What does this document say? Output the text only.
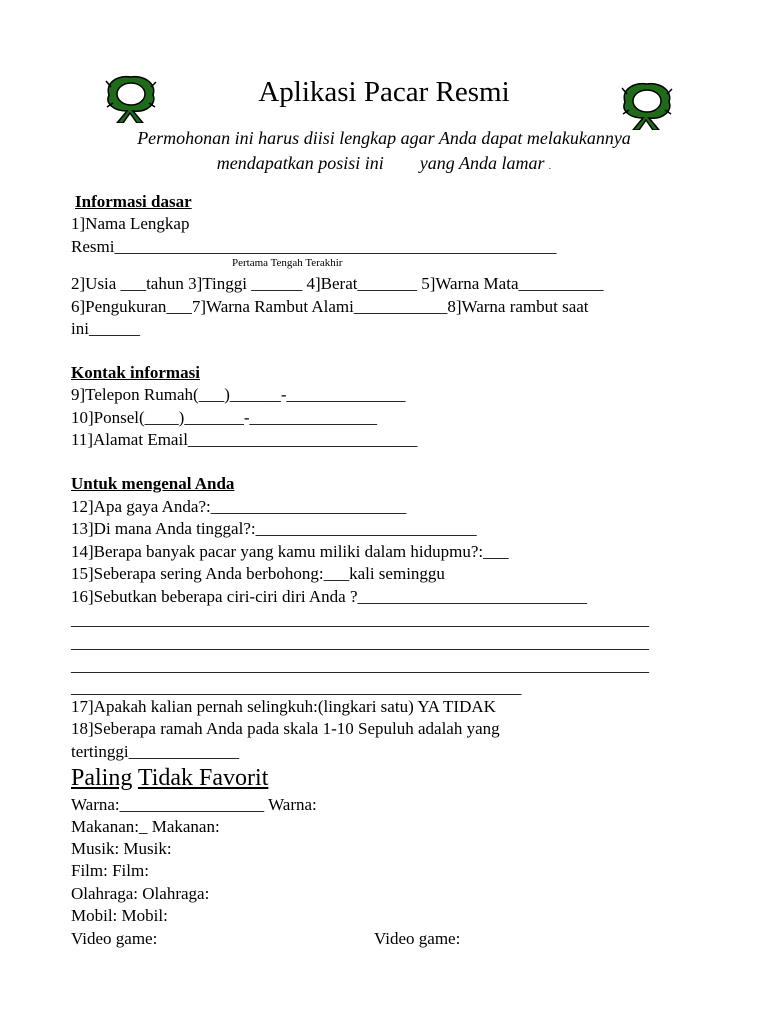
Aplikasi Pacar Resmi
Permohonan ini harus diisi lengkap agar Anda dapat melakukannya
mendapatkan posisi ini        yang Anda lamar .
Informasi dasar
1]Nama Lengkap
Resmi____________________________________________________
Pertama Tengah Terakhir
2]Usia ___tahun 3]Tinggi ______ 4]Berat_______ 5]Warna Mata__________
6]Pengukuran___7]Warna Rambut Alami___________8]Warna rambut saat
ini______
Kontak informasi
9]Telepon Rumah(___)______-______________
10]Ponsel(____)_______-_______________
11]Alamat Email___________________________
Untuk mengenal Anda
12]Apa gaya Anda?:_______________________
13]Di mana Anda tinggal?:__________________________
14]Berapa banyak pacar yang kamu miliki dalam hidupmu?:___
15]Seberapa sering Anda berbohong:___kali seminggu
16]Sebutkan beberapa ciri-ciri diri Anda ?___________________________
____________________________________________________________________
____________________________________________________________________
____________________________________________________________________
_____________________________________________________
17]Apakah kalian pernah selingkuh:(lingkari satu) YA TIDAK
18]Seberapa ramah Anda pada skala 1-10 Sepuluh adalah yang
tertinggi_____________
Paling Tidak Favorit
Warna:_________________ Warna:
Makanan:_ Makanan:
Musik: Musik:
Film: Film:
Olahraga: Olahraga:
Mobil: Mobil:
Video game:	Video game:
